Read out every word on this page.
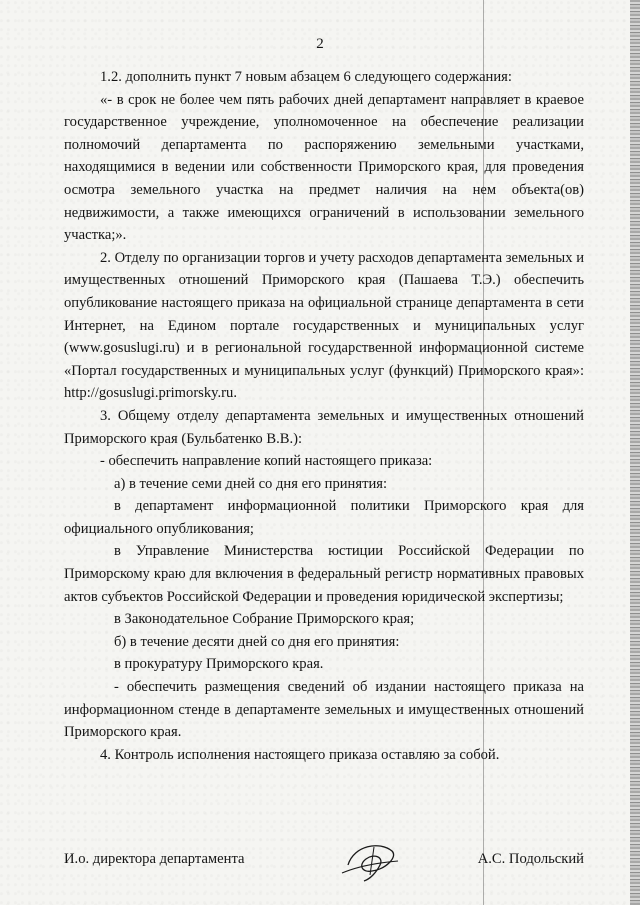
2

1.2. дополнить пункт 7 новым абзацем 6 следующего содержания:

«- в срок не более чем пять рабочих дней департамент направляет в краевое государственное учреждение, уполномоченное на обеспечение реализации полномочий департамента по распоряжению земельными участками, находящимися в ведении или собственности Приморского края, для проведения осмотра земельного участка на предмет наличия на нем объекта(ов) недвижимости, а также имеющихся ограничений в использовании земельного участка;».

2. Отделу по организации торгов и учету расходов департамента земельных и имущественных отношений Приморского края (Пашаева Т.Э.) обеспечить опубликование настоящего приказа на официальной странице департамента в сети Интернет, на Едином портале государственных и муниципальных услуг (www.gosuslugi.ru) и в региональной государственной информационной системе «Портал государственных и муниципальных услуг (функций) Приморского края»: http://gosuslugi.primorsky.ru.

3. Общему отделу департамента земельных и имущественных отношений Приморского края (Бульбатенко В.В.):

- обеспечить направление копий настоящего приказа:

а) в течение семи дней со дня его принятия:

в департамент информационной политики Приморского края для официального опубликования;

в Управление Министерства юстиции Российской Федерации по Приморскому краю для включения в федеральный регистр нормативных правовых актов субъектов Российской Федерации и проведения юридической экспертизы;

в Законодательное Собрание Приморского края;

б) в течение десяти дней со дня его принятия:

в прокуратуру Приморского края.

- обеспечить размещения сведений об издании настоящего приказа на информационном стенде в департаменте земельных и имущественных отношений Приморского края.

4. Контроль исполнения настоящего приказа оставляю за собой.

И.о. директора департамента	А.С. Подольский
